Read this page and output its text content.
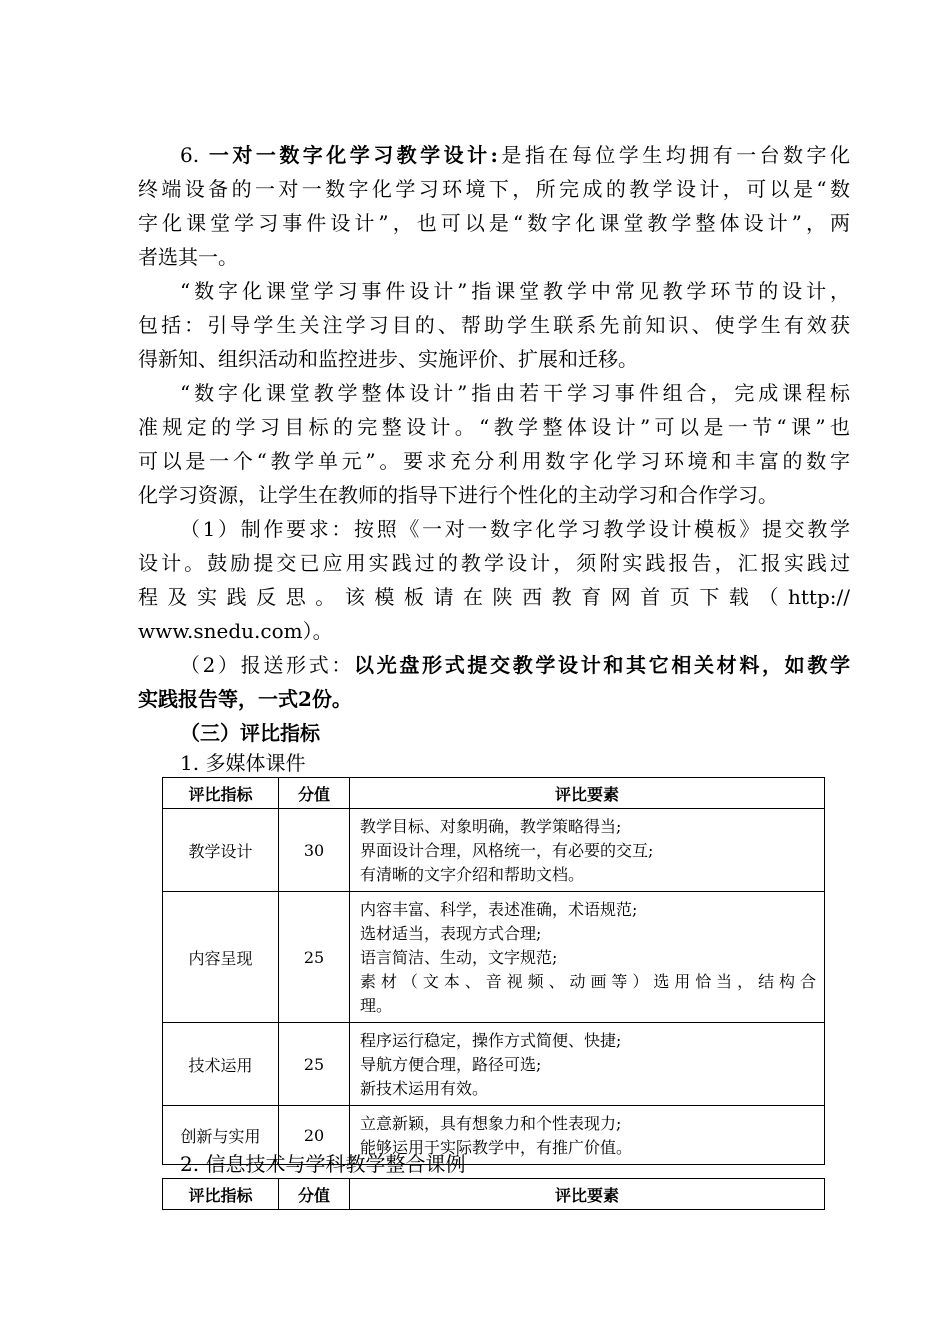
6. 一对一数字化学习教学设计:是指在每位学生均拥有一台数字化
终端设备的一对一数字化学习环境下，所完成的教学设计，可以是“数
字化课堂学习事件设计”，也可以是“数字化课堂教学整体设计”，两
者选其一。
“数字化课堂学习事件设计”指课堂教学中常见教学环节的设计，
包括：引导学生关注学习目的、帮助学生联系先前知识、使学生有效获
得新知、组织活动和监控进步、实施评价、扩展和迁移。
“数字化课堂教学整体设计”指由若干学习事件组合，完成课程标
准规定的学习目标的完整设计。“教学整体设计”可以是一节“课”也
可以是一个“教学单元”。要求充分利用数字化学习环境和丰富的数字
化学习资源，让学生在教师的指导下进行个性化的主动学习和合作学习。
（1）制作要求：按照《一对一数字化学习教学设计模板》提交教学
设计。鼓励提交已应用实践过的教学设计，须附实践报告，汇报实践过
程及实践反思。该模板请在陕西教育网首页下载（http://
www.snedu.com）。
（2）报送形式：以光盘形式提交教学设计和其它相关材料，如教学
实践报告等，一式2份。
（三）评比指标
1. 多媒体课件
评比指标	分值	评比要素
教学设计	30	教学目标、对象明确，教学策略得当;
界面设计合理，风格统一，有必要的交互;
有清晰的文字介绍和帮助文档。

内容呈现	25	内容丰富、科学，表述准确，术语规范;
选材适当，表现方式合理;
语言简洁、生动，文字规范;
素材（文本、音视频、动画等）选用恰当，结构合
理。

技术运用	25	程序运行稳定，操作方式简便、快捷;
导航方便合理，路径可选;
新技术运用有效。

创新与实用	20	立意新颖，具有想象力和个性表现力;
能够运用于实际教学中，有推广价值。
2. 信息技术与学科教学整合课例
评比指标	分值	评比要素
